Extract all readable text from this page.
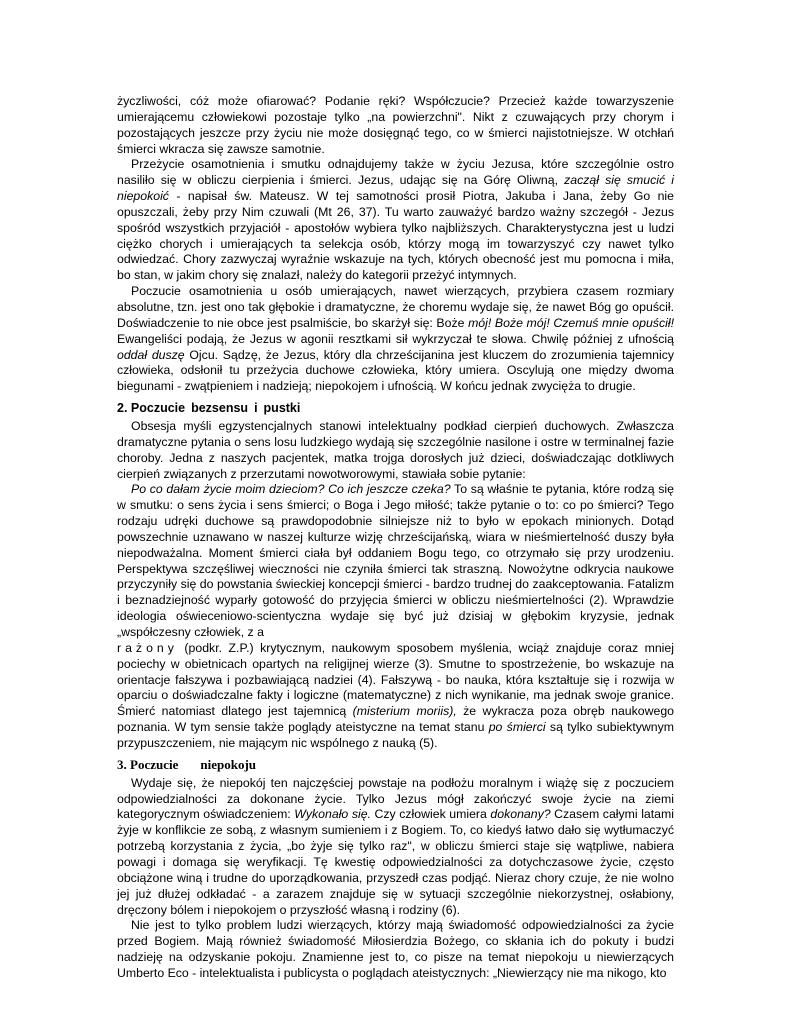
życzliwości, cóż może ofiarować? Podanie ręki? Współczucie? Przecież każde towarzyszenie umierającemu człowiekowi pozostaje tylko „na powierzchni". Nikt z czuwających przy chorym i pozostających jeszcze przy życiu nie może dosięgnąć tego, co w śmierci najistotniejsze. W otchłań śmierci wkracza się zawsze samotnie.

Przeżycie osamotnienia i smutku odnajdujemy także w życiu Jezusa, które szczególnie ostro nasiliło się w obliczu cierpienia i śmierci. Jezus, udając się na Górę Oliwną, zaczął się smucić i niepokoić - napisał św. Mateusz. W tej samotności prosił Piotra, Jakuba i Jana, żeby Go nie opuszczali, żeby przy Nim czuwali (Mt 26, 37). Tu warto zauważyć bardzo ważny szczegół - Jezus spośród wszystkich przyjaciół - apostołów wybiera tylko najbliższych. Charakterystyczna jest u ludzi ciężko chorych i umierających ta selekcja osób, którzy mogą im towarzyszyć czy nawet tylko odwiedzać. Chory zazwyczaj wyraźnie wskazuje na tych, których obecność jest mu pomocna i miła, bo stan, w jakim chory się znalazł, należy do kategorii przeżyć intymnych.

Poczucie osamotnienia u osób umierających, nawet wierzących, przybiera czasem rozmiary absolutne, tzn. jest ono tak głębokie i dramatyczne, że choremu wydaje się, że nawet Bóg go opuścił. Doświadczenie to nie obce jest psalmiście, bo skarżył się: Boże mój! Boże mój! Czemuś mnie opuścił! Ewangeliści podają, że Jezus w agonii resztkami sił wykrzyczał te słowa. Chwilę później z ufnością oddał duszę Ojcu. Sądzę, że Jezus, który dla chrześcijanina jest kluczem do zrozumienia tajemnicy człowieka, odsłonił tu przeżycia duchowe człowieka, który umiera. Oscylują one między dwoma biegunami - zwątpieniem i nadzieją; niepokojem i ufnością. W końcu jednak zwycięża to drugie.

2. Poczucie bezsensu i pustki

Obsesja myśli egzystencjalnych stanowi intelektualny podkład cierpień duchowych. Zwłaszcza dramatyczne pytania o sens losu ludzkiego wydają się szczególnie nasilone i ostre w terminalnej fazie choroby. Jedna z naszych pacjentek, matka trojga dorosłych już dzieci, doświadczając dotkliwych cierpień związanych z przerzutami nowotworowymi, stawiała sobie pytanie:

Po co dałam życie moim dzieciom? Co ich jeszcze czeka? To są właśnie te pytania, które rodzą się w smutku: o sens życia i sens śmierci; o Boga i Jego miłość; także pytanie o to: co po śmierci? Tego rodzaju udręki duchowe są prawdopodobnie silniejsze niż to było w epokach minionych. Dotąd powszechnie uznawano w naszej kulturze wizję chrześcijańską, wiara w nieśmiertelność duszy była niepodważalna. Moment śmierci ciała był oddaniem Bogu tego, co otrzymało się przy urodzeniu. Perspektywa szczęśliwej wieczności nie czyniła śmierci tak straszną. Nowożytne odkrycia naukowe przyczyniły się do powstania świeckiej koncepcji śmierci - bardzo trudnej do zaakceptowania. Fatalizm i beznadziejność wyparły gotowość do przyjęcia śmierci w obliczu nieśmiertelności (2). Wprawdzie ideologia oświeceniowo-scientyczna wydaje się być już dzisiaj w głębokim kryzysie, jednak „współczesny człowiek, z a

rażony (podkr. Z.P.) krytycznym, naukowym sposobem myślenia, wciąż znajduje coraz mniej pociechy w obietnicach opartych na religijnej wierze (3). Smutne to spostrzeżenie, bo wskazuje na orientacje fałszywa i pozbawiającą nadziei (4). Fałszywą - bo nauka, która kształtuje się i rozwija w oparciu o doświadczalne fakty i logiczne (matematyczne) z nich wynikanie, ma jednak swoje granice. Śmierć natomiast dlatego jest tajemnicą (misterium moriis), że wykracza poza obręb naukowego poznania. W tym sensie także poglądy ateistyczne na temat stanu po śmierci są tylko subiektywnym przypuszczeniem, nie mającym nic wspólnego z nauką (5).

3. Poczucie niepokoju

Wydaje się, że niepokój ten najczęściej powstaje na podłożu moralnym i wiążę się z poczuciem odpowiedzialności za dokonane życie. Tylko Jezus mógł zakończyć swoje życie na ziemi kategorycznym oświadczeniem: Wykonało się. Czy człowiek umiera dokonany? Czasem całymi latami żyje w konflikcie ze sobą, z własnym sumieniem i z Bogiem. To, co kiedyś łatwo dało się wytłumaczyć potrzebą korzystania z życia, „bo żyje się tylko raz", w obliczu śmierci staje się wątpliwe, nabiera powagi i domaga się weryfikacji. Tę kwestię odpowiedzialności za dotychczasowe życie, często obciążone winą i trudne do uporządkowania, przyszedł czas podjąć. Nieraz chory czuje, że nie wolno jej już dłużej odkładać - a zarazem znajduje się w sytuacji szczególnie niekorzystnej, osłabiony, dręczony bólem i niepokojem o przyszłość własną i rodziny (6).

Nie jest to tylko problem ludzi wierzących, którzy mają świadomość odpowiedzialności za życie przed Bogiem. Mają również świadomość Miłosierdzia Bożego, co skłania ich do pokuty i budzi nadzieję na odzyskanie pokoju. Znamienne jest to, co pisze na temat niepokoju u niewierzących Umberto Eco - intelektualista i publicysta o poglądach ateistycznych: „Niewierzący nie ma nikogo, kto
